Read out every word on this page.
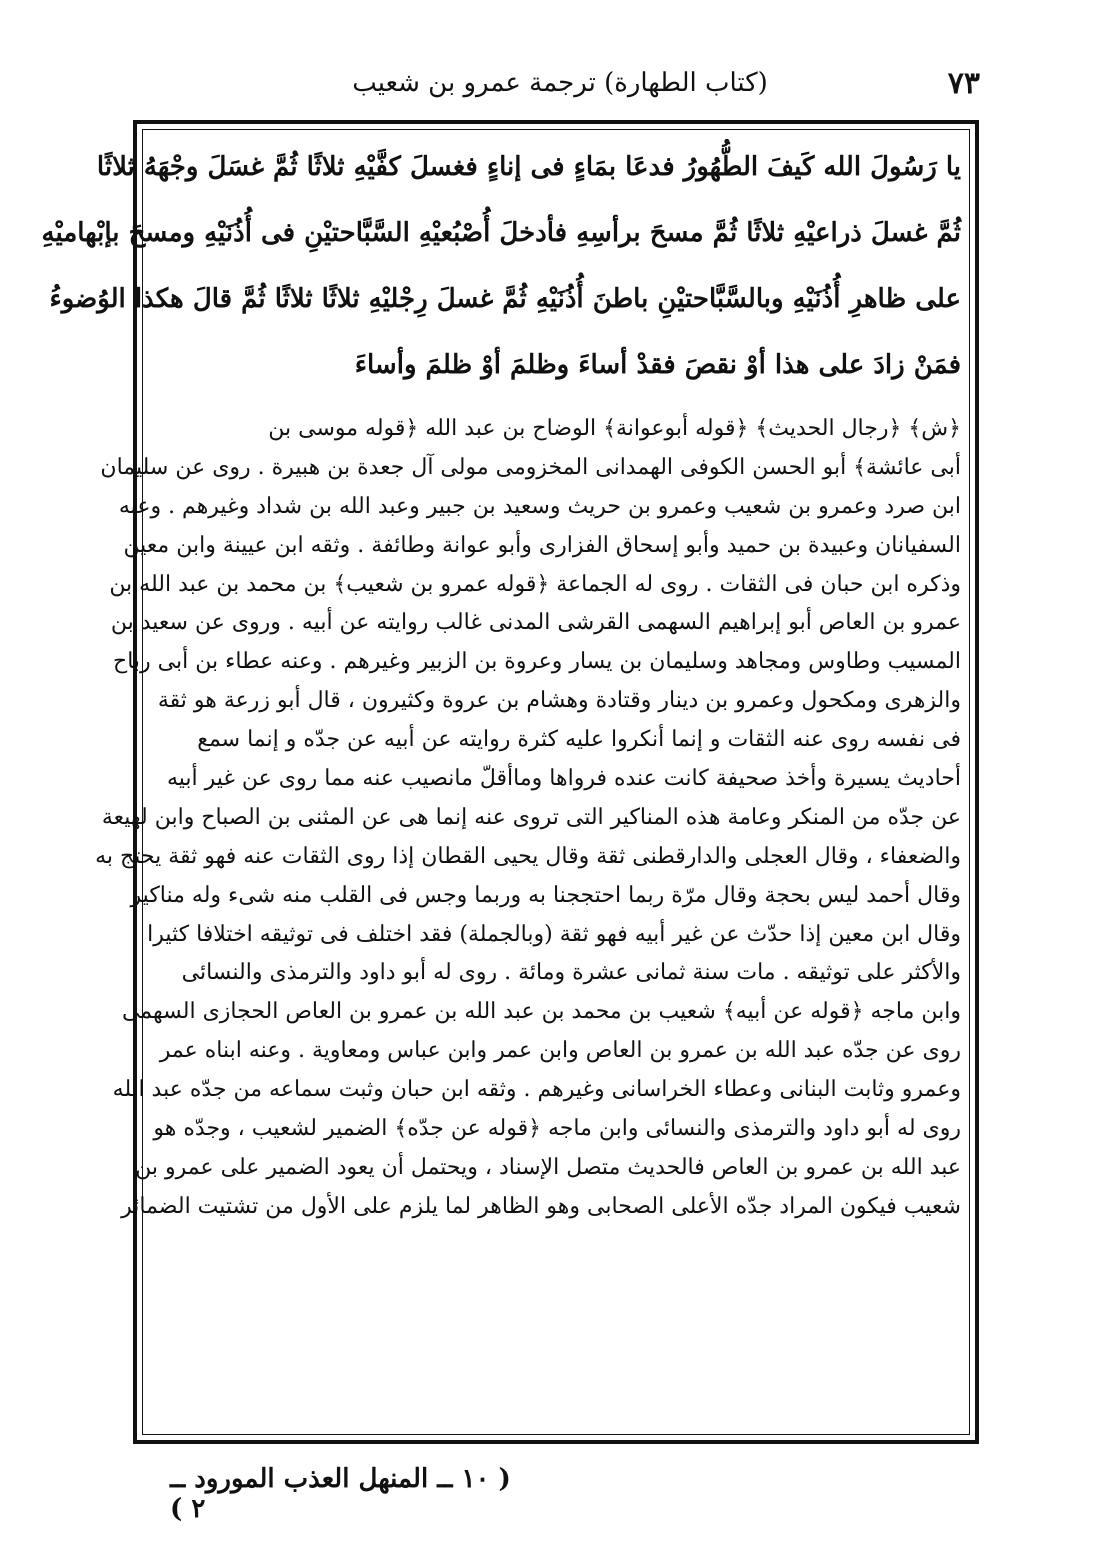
٧٣
(كتاب الطهارة) ترجمة عمرو بن شعيب
يا رَسُولَ الله كَيفَ الطُّهُورُ فدعَا بمَاءٍ فى إناءٍ فغسلَ كفَّيْهِ ثلاثًا ثُمَّ غسَلَ وجْهَهُ ثلاثًا
ثُمَّ غسلَ ذراعيْهِ ثلاثًا ثُمَّ مسحَ برأسِهِ فأدخلَ أُصْبُعيْهِ السَّبَّاحتيْنِ فى أُذُنَيْهِ ومسحَ بإبْهاميْهِ
على ظاهرِ أُذُنَيْهِ وبالسَّبَّاحتيْنِ باطنَ أُذُنَيْهِ ثُمَّ غسلَ رِجْليْهِ ثلاثًا ثلاثًا ثُمَّ قالَ هكذا الوُضوءُ
فمَنْ زادَ على هذا أوْ نقصَ فقدْ أساءَ وظلمَ أوْ ظلمَ وأساءَ
﴿ش﴾ ﴿رجال الحديث﴾ ﴿قوله أبوعوانة﴾ الوضاح بن عبد الله ﴿قوله موسى بن
أبى عائشة﴾ أبو الحسن الكوفى الهمدانى المخزومى مولى آل جعدة بن هبيرة . روى عن سليمان
ابن صرد وعمرو بن شعيب وعمرو بن حريث وسعيد بن جبير وعبد الله بن شداد وغيرهم . وعنه
السفيانان وعبيدة بن حميد وأبو إسحاق الفزارى وأبو عوانة وطائفة . وثقه ابن عيينة وابن معين
وذكره ابن حبان فى الثقات . روى له الجماعة ﴿قوله عمرو بن شعيب﴾ بن محمد بن عبد الله بن
عمرو بن العاص أبو إبراهيم السهمى القرشى المدنى غالب روايته عن أبيه . وروى عن سعيد بن
المسيب وطاوس ومجاهد وسليمان بن يسار وعروة بن الزبير وغيرهم . وعنه عطاء بن أبى رباح
والزهرى ومكحول وعمرو بن دينار وقتادة وهشام بن عروة وكثيرون ، قال أبو زرعة هو ثقة
فى نفسه روى عنه الثقات و إنما أنكروا عليه كثرة روايته عن أبيه عن جدّه و إنما سمع
أحاديث يسيرة وأخذ صحيفة كانت عنده فرواها وماأقلّ مانصيب عنه مما روى عن غير أبيه
عن جدّه من المنكر وعامة هذه المناكير التى تروى عنه إنما هى عن المثنى بن الصباح وابن لهيعة
والضعفاء ، وقال العجلى والدارقطنى ثقة وقال يحيى القطان إذا روى الثقات عنه فهو ثقة يحتج به
وقال أحمد ليس بحجة وقال مرّة ربما احتججنا به وربما وجس فى القلب منه شىء وله مناكير
وقال ابن معين إذا حدّث عن غير أبيه فهو ثقة (وبالجملة) فقد اختلف فى توثيقه اختلافا كثيرا
والأكثر على توثيقه . مات سنة ثمانى عشرة ومائة . روى له أبو داود والترمذى والنسائى
وابن ماجه ﴿قوله عن أبيه﴾ شعيب بن محمد بن عبد الله بن عمرو بن العاص الحجازى السهمى
روى عن جدّه عبد الله بن عمرو بن العاص وابن عمر وابن عباس ومعاوية . وعنه ابناه عمر
وعمرو وثابت البنانى وعطاء الخراسانى وغيرهم . وثقه ابن حبان وثبت سماعه من جدّه عبد الله
روى له أبو داود والترمذى والنسائى وابن ماجه ﴿قوله عن جدّه﴾ الضمير لشعيب ، وجدّه هو
عبد الله بن عمرو بن العاص فالحديث متصل الإسناد ، ويحتمل أن يعود الضمير على عمرو بن
شعيب فيكون المراد جدّه الأعلى الصحابى وهو الظاهر لما يلزم على الأول من تشتيت الضمائر
( ١٠ ــ المنهل العذب المورود ــ ٢ )
